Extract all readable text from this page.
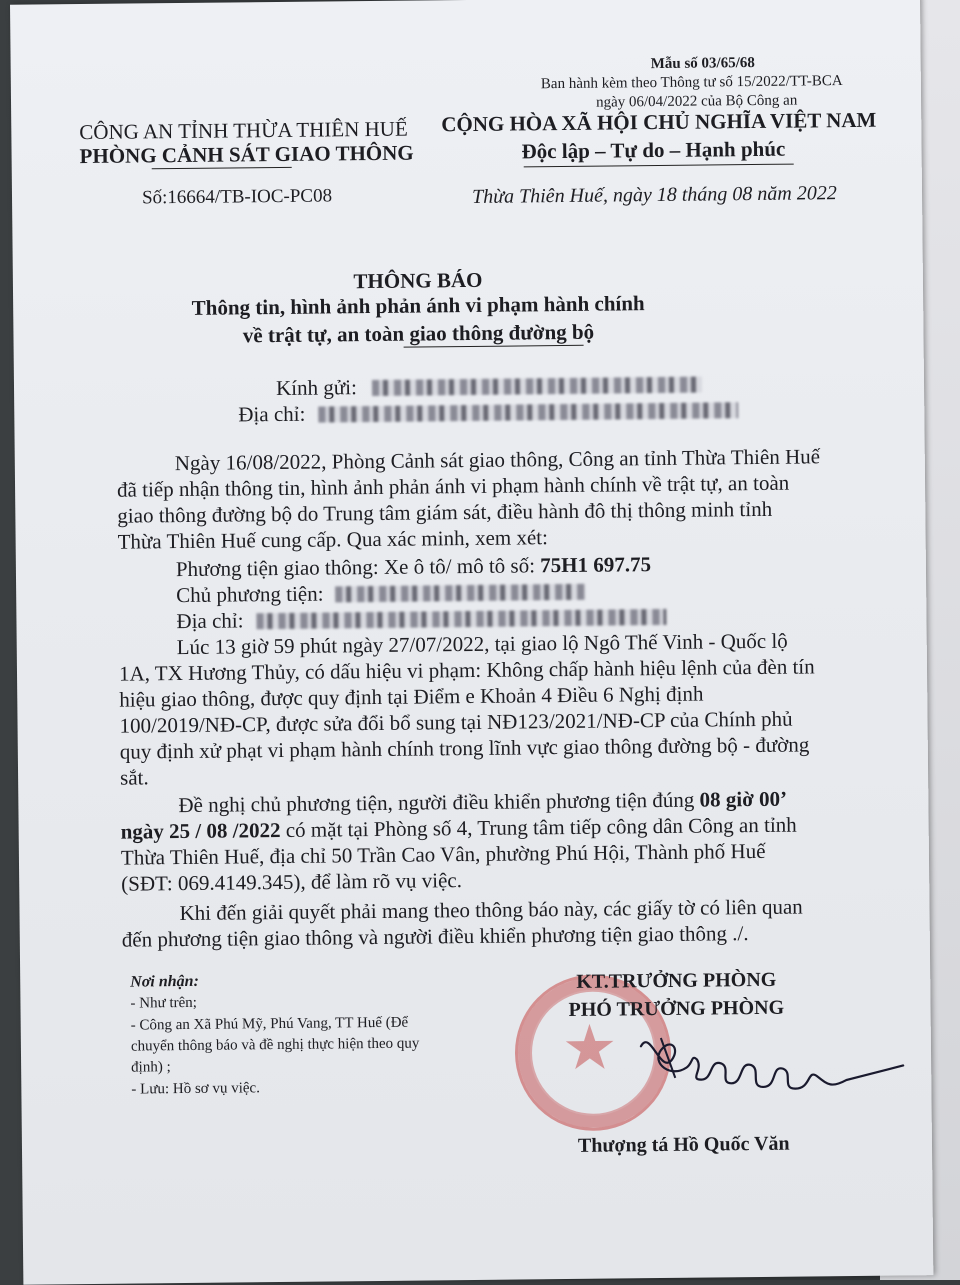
Mẫu số 03/65/68
Ban hành kèm theo Thông tư số 15/2022/TT-BCA
ngày 06/04/2022 của Bộ Công an
CÔNG AN TỈNH THỪA THIÊN HUẾ
PHÒNG CẢNH SÁT GIAO THÔNG
CỘNG HÒA XÃ HỘI CHỦ NGHĨA VIỆT NAM
Độc lập – Tự do – Hạnh phúc
Số:16664/TB-IOC-PC08	Thừa Thiên Huế, ngày 18 tháng 08 năm 2022
THÔNG BÁO
Thông tin, hình ảnh phản ánh vi phạm hành chính
về trật tự, an toàn giao thông đường bộ
Kính gửi:
Địa chỉ:
Ngày 16/08/2022, Phòng Cảnh sát giao thông, Công an tỉnh Thừa Thiên Huế
đã tiếp nhận thông tin, hình ảnh phản ánh vi phạm hành chính về trật tự, an toàn
giao thông đường bộ do Trung tâm giám sát, điều hành đô thị thông minh tỉnh
Thừa Thiên Huế cung cấp. Qua xác minh, xem xét:
Phương tiện giao thông: Xe ô tô/ mô tô số: 75H1 697.75
Chủ phương tiện:
Địa chỉ:
Lúc 13 giờ 59 phút ngày 27/07/2022, tại giao lộ Ngô Thế Vinh - Quốc lộ
1A, TX Hương Thủy, có dấu hiệu vi phạm: Không chấp hành hiệu lệnh của đèn tín
hiệu giao thông, được quy định tại Điểm e Khoản 4 Điều 6 Nghị định
100/2019/NĐ-CP, được sửa đổi bổ sung tại NĐ123/2021/NĐ-CP của Chính phủ
quy định xử phạt vi phạm hành chính trong lĩnh vực giao thông đường bộ - đường
sắt.
Đề nghị chủ phương tiện, người điều khiển phương tiện đúng 08 giờ 00’
ngày 25 / 08 /2022 có mặt tại Phòng số 4, Trung tâm tiếp công dân Công an tỉnh
Thừa Thiên Huế, địa chỉ 50 Trần Cao Vân, phường Phú Hội, Thành phố Huế
(SĐT: 069.4149.345), để làm rõ vụ việc.
Khi đến giải quyết phải mang theo thông báo này, các giấy tờ có liên quan
đến phương tiện giao thông và người điều khiển phương tiện giao thông ./.
★
Nơi nhận:
- Như trên;
- Công an Xã Phú Mỹ, Phú Vang, TT Huế (Để
chuyển thông báo và đề nghị thực hiện theo quy
định) ;
- Lưu: Hồ sơ vụ việc.
KT.TRƯỞNG PHÒNG
PHÓ TRƯỞNG PHÒNG
Thượng tá Hồ Quốc Văn
